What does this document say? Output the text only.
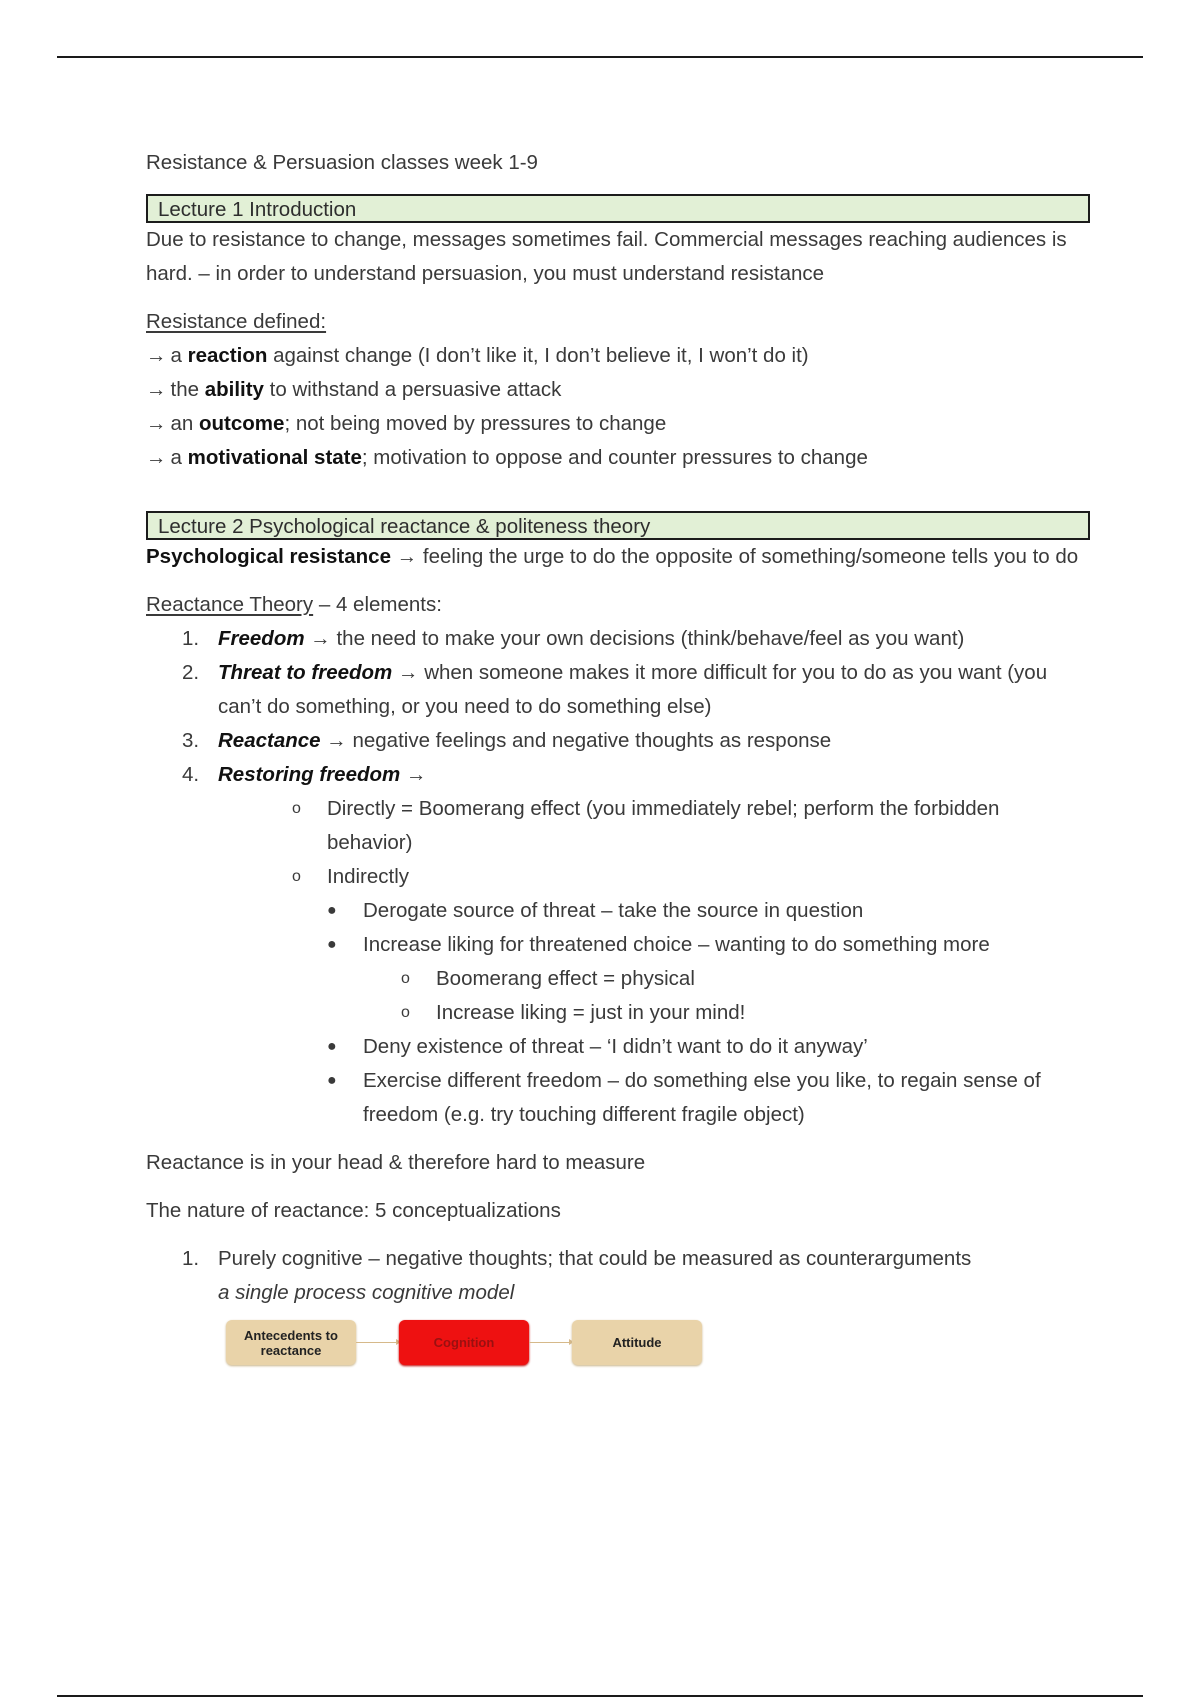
Resistance & Persuasion classes week 1-9

Lecture 1 Introduction

Due to resistance to change, messages sometimes fail. Commercial messages reaching audiences is hard. – in order to understand persuasion, you must understand resistance

Resistance defined:

→ a reaction against change (I don’t like it, I don’t believe it, I won’t do it)

→ the ability to withstand a persuasive attack

→ an outcome; not being moved by pressures to change

→ a motivational state; motivation to oppose and counter pressures to change

Lecture 2 Psychological reactance & politeness theory

Psychological resistance → feeling the urge to do the opposite of something/someone tells you to do

Reactance Theory – 4 elements:

1. Freedom → the need to make your own decisions (think/behave/feel as you want)

2. Threat to freedom → when someone makes it more difficult for you to do as you want (you can’t do something, or you need to do something else)

3. Reactance → negative feelings and negative thoughts as response

4. Restoring freedom →

o Directly = Boomerang effect (you immediately rebel; perform the forbidden behavior)

o Indirectly

● Derogate source of threat – take the source in question

● Increase liking for threatened choice – wanting to do something more

o Boomerang effect = physical

o Increase liking = just in your mind!

● Deny existence of threat – ‘I didn’t want to do it anyway’

● Exercise different freedom – do something else you like, to regain sense of freedom (e.g. try touching different fragile object)

Reactance is in your head & therefore hard to measure

The nature of reactance: 5 conceptualizations

1. Purely cognitive – negative thoughts; that could be measured as counterarguments

a single process cognitive model

Antecedents to reactance	Cognition	Attitude
